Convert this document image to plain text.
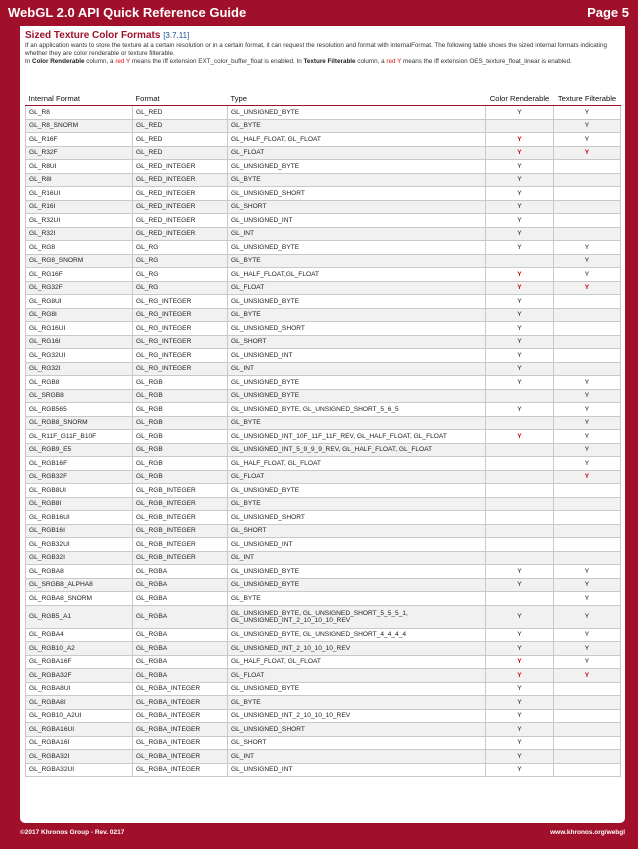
WebGL 2.0 API Quick Reference Guide	Page 5
Sized Texture Color Formats [3.7.11]
If an application wants to store the texture at a certain resolution or in a certain format, it can request the resolution and format with internalFormat. The following table shows the sized internal formats indicating whether they are color renderable or texture filterable.
In Color Renderable column, a red Y means the iff extension EXT_color_buffer_float is enabled. In Texture Filterable column, a red Y means the iff extension OES_texture_float_linear is enabled.
Internal Format	Format	Type	Color Renderable	Texture Filterable
GL_R8	GL_RED	GL_UNSIGNED_BYTE	Y	Y
GL_R8_SNORM	GL_RED	GL_BYTE		Y
GL_R16F	GL_RED	GL_HALF_FLOAT, GL_FLOAT	Y	Y
GL_R32F	GL_RED	GL_FLOAT	Y	Y
GL_R8UI	GL_RED_INTEGER	GL_UNSIGNED_BYTE	Y	
GL_R8I	GL_RED_INTEGER	GL_BYTE	Y	
GL_R16UI	GL_RED_INTEGER	GL_UNSIGNED_SHORT	Y	
GL_R16I	GL_RED_INTEGER	GL_SHORT	Y	
GL_R32UI	GL_RED_INTEGER	GL_UNSIGNED_INT	Y	
GL_R32I	GL_RED_INTEGER	GL_INT	Y	
GL_RG8	GL_RG	GL_UNSIGNED_BYTE	Y	Y
GL_RG8_SNORM	GL_RG	GL_BYTE		Y
GL_RG16F	GL_RG	GL_HALF_FLOAT,GL_FLOAT	Y	Y
GL_RG32F	GL_RG	GL_FLOAT	Y	Y
GL_RG8UI	GL_RG_INTEGER	GL_UNSIGNED_BYTE	Y	
GL_RG8I	GL_RG_INTEGER	GL_BYTE	Y	
GL_RG16UI	GL_RG_INTEGER	GL_UNSIGNED_SHORT	Y	
GL_RG16I	GL_RG_INTEGER	GL_SHORT	Y	
GL_RG32UI	GL_RG_INTEGER	GL_UNSIGNED_INT	Y	
GL_RG32I	GL_RG_INTEGER	GL_INT	Y	
GL_RGB8	GL_RGB	GL_UNSIGNED_BYTE	Y	Y
GL_SRGB8	GL_RGB	GL_UNSIGNED_BYTE		Y
GL_RGB565	GL_RGB	GL_UNSIGNED_BYTE, GL_UNSIGNED_SHORT_5_6_5	Y	Y
GL_RGB8_SNORM	GL_RGB	GL_BYTE		Y
GL_R11F_G11F_B10F	GL_RGB	GL_UNSIGNED_INT_10F_11F_11F_REV, GL_HALF_FLOAT, GL_FLOAT	Y	Y
GL_RGB9_E5	GL_RGB	GL_UNSIGNED_INT_5_9_9_9_REV, GL_HALF_FLOAT, GL_FLOAT		Y
GL_RGB16F	GL_RGB	GL_HALF_FLOAT, GL_FLOAT		Y
GL_RGB32F	GL_RGB	GL_FLOAT		Y
GL_RGB8UI	GL_RGB_INTEGER	GL_UNSIGNED_BYTE		
GL_RGB8I	GL_RGB_INTEGER	GL_BYTE		
GL_RGB16UI	GL_RGB_INTEGER	GL_UNSIGNED_SHORT		
GL_RGB16I	GL_RGB_INTEGER	GL_SHORT		
GL_RGB32UI	GL_RGB_INTEGER	GL_UNSIGNED_INT		
GL_RGB32I	GL_RGB_INTEGER	GL_INT		
GL_RGBA8	GL_RGBA	GL_UNSIGNED_BYTE	Y	Y
GL_SRGB8_ALPHA8	GL_RGBA	GL_UNSIGNED_BYTE	Y	Y
GL_RGBA8_SNORM	GL_RGBA	GL_BYTE		Y
GL_RGB5_A1	GL_RGBA	GL_UNSIGNED_BYTE, GL_UNSIGNED_SHORT_5_5_5_1,
GL_UNSIGNED_INT_2_10_10_10_REV	Y	Y
GL_RGBA4	GL_RGBA	GL_UNSIGNED_BYTE, GL_UNSIGNED_SHORT_4_4_4_4	Y	Y
GL_RGB10_A2	GL_RGBA	GL_UNSIGNED_INT_2_10_10_10_REV	Y	Y
GL_RGBA16F	GL_RGBA	GL_HALF_FLOAT, GL_FLOAT	Y	Y
GL_RGBA32F	GL_RGBA	GL_FLOAT	Y	Y
GL_RGBA8UI	GL_RGBA_INTEGER	GL_UNSIGNED_BYTE	Y	
GL_RGBA8I	GL_RGBA_INTEGER	GL_BYTE	Y	
GL_RGB10_A2UI	GL_RGBA_INTEGER	GL_UNSIGNED_INT_2_10_10_10_REV	Y	
GL_RGBA16UI	GL_RGBA_INTEGER	GL_UNSIGNED_SHORT	Y	
GL_RGBA16I	GL_RGBA_INTEGER	GL_SHORT	Y	
GL_RGBA32I	GL_RGBA_INTEGER	GL_INT	Y	
GL_RGBA32UI	GL_RGBA_INTEGER	GL_UNSIGNED_INT	Y	
©2017 Khronos Group - Rev. 0217	www.khronos.org/webgl
